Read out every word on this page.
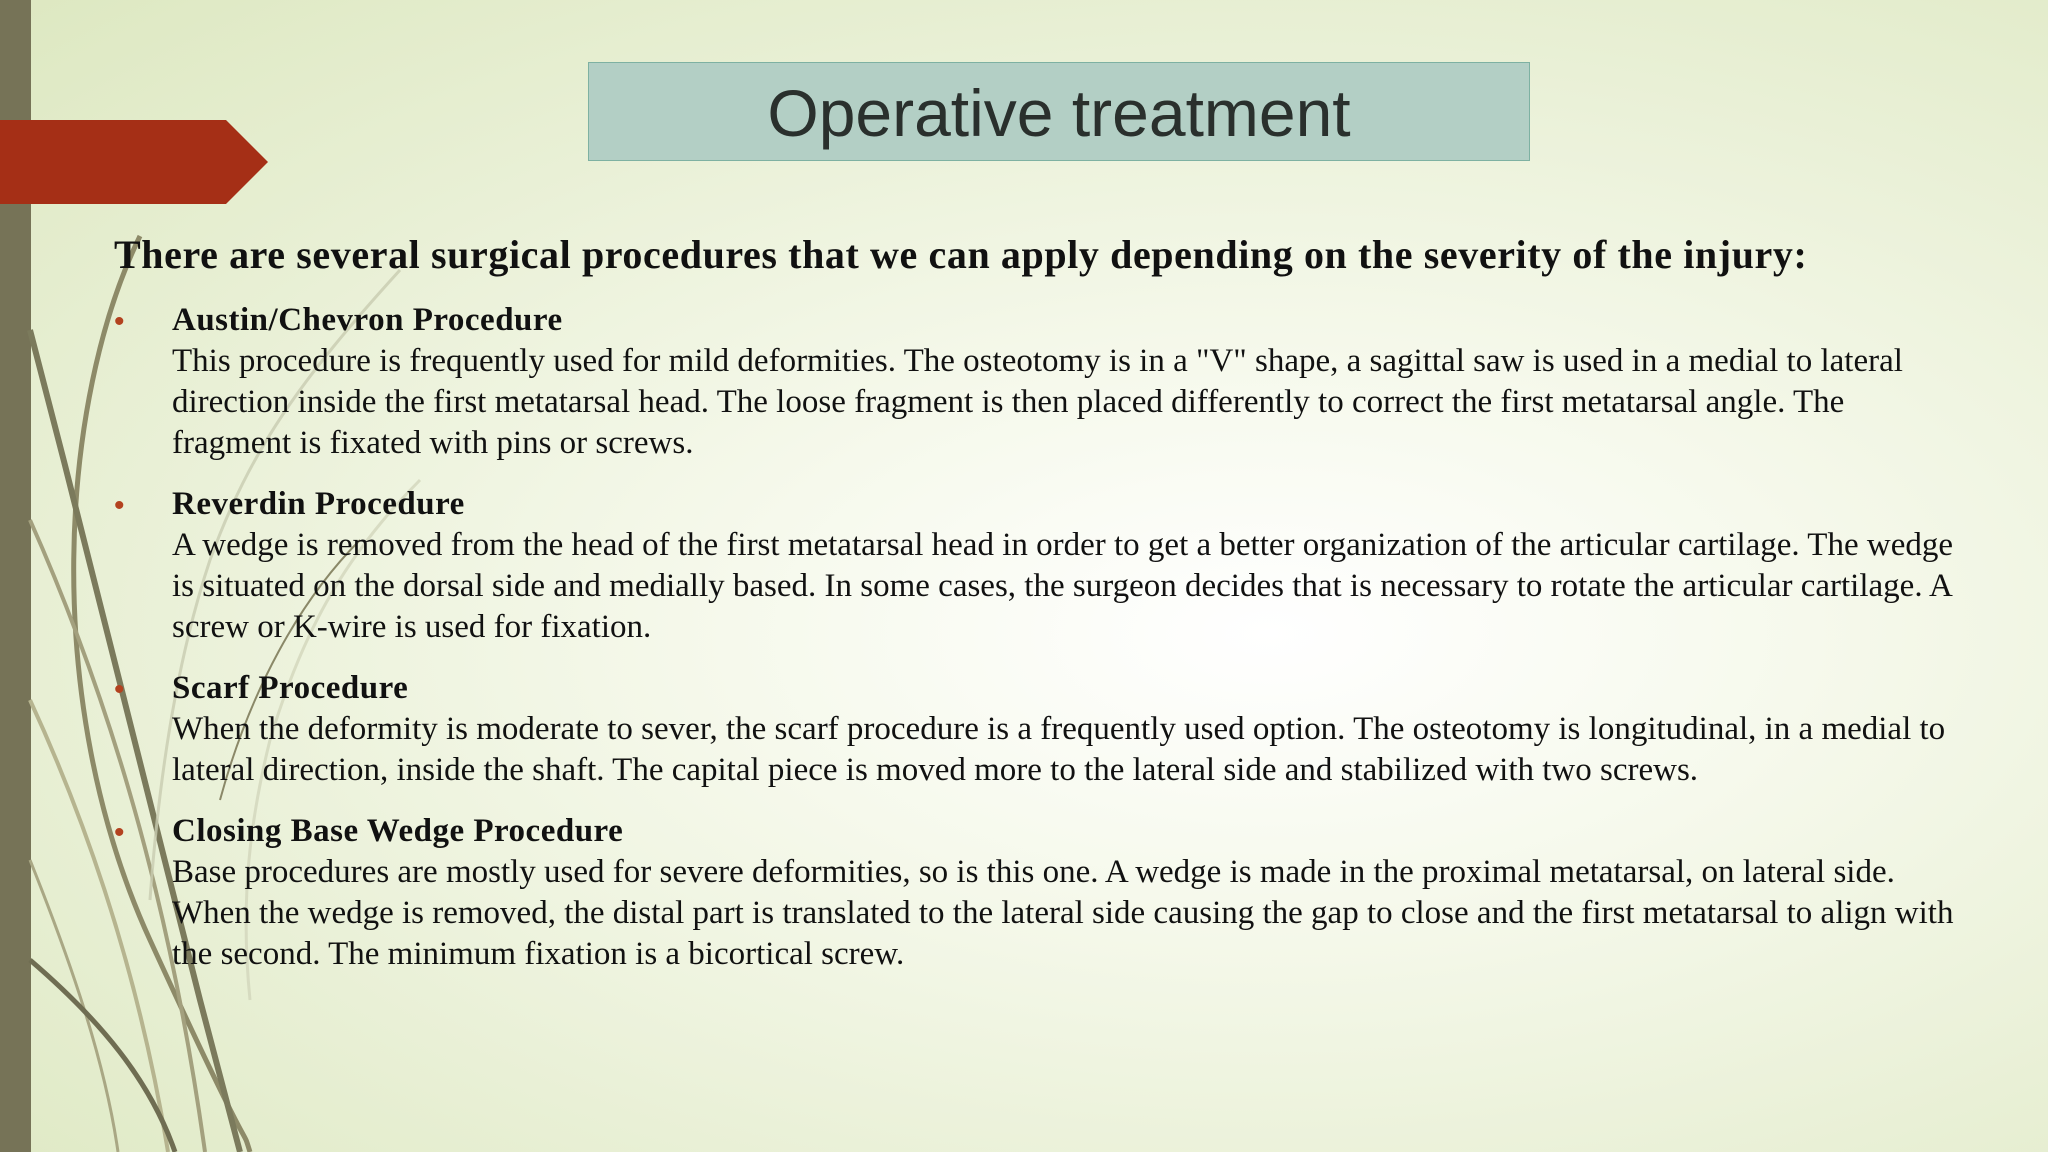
Operative treatment

There are several surgical procedures that we can apply depending on the severity of the injury:

• Austin/Chevron Procedure
This procedure is frequently used for mild deformities. The osteotomy is in a "V" shape, a sagittal saw is used in a medial to lateral direction inside the first metatarsal head. The loose fragment is then placed differently to correct the first metatarsal angle. The fragment is fixated with pins or screws.
• Reverdin Procedure
A wedge is removed from the head of the first metatarsal head in order to get a better organization of the articular cartilage. The wedge is situated on the dorsal side and medially based. In some cases, the surgeon decides that is necessary to rotate the articular cartilage. A screw or K-wire is used for fixation.
• Scarf Procedure
When the deformity is moderate to sever, the scarf procedure is a frequently used option. The osteotomy is longitudinal, in a medial to lateral direction, inside the shaft. The capital piece is moved more to the lateral side and stabilized with two screws.
• Closing Base Wedge Procedure
Base procedures are mostly used for severe deformities, so is this one. A wedge is made in the proximal metatarsal, on lateral side. When the wedge is removed, the distal part is translated to the lateral side causing the gap to close and the first metatarsal to align with the second. The minimum fixation is a bicortical screw.
